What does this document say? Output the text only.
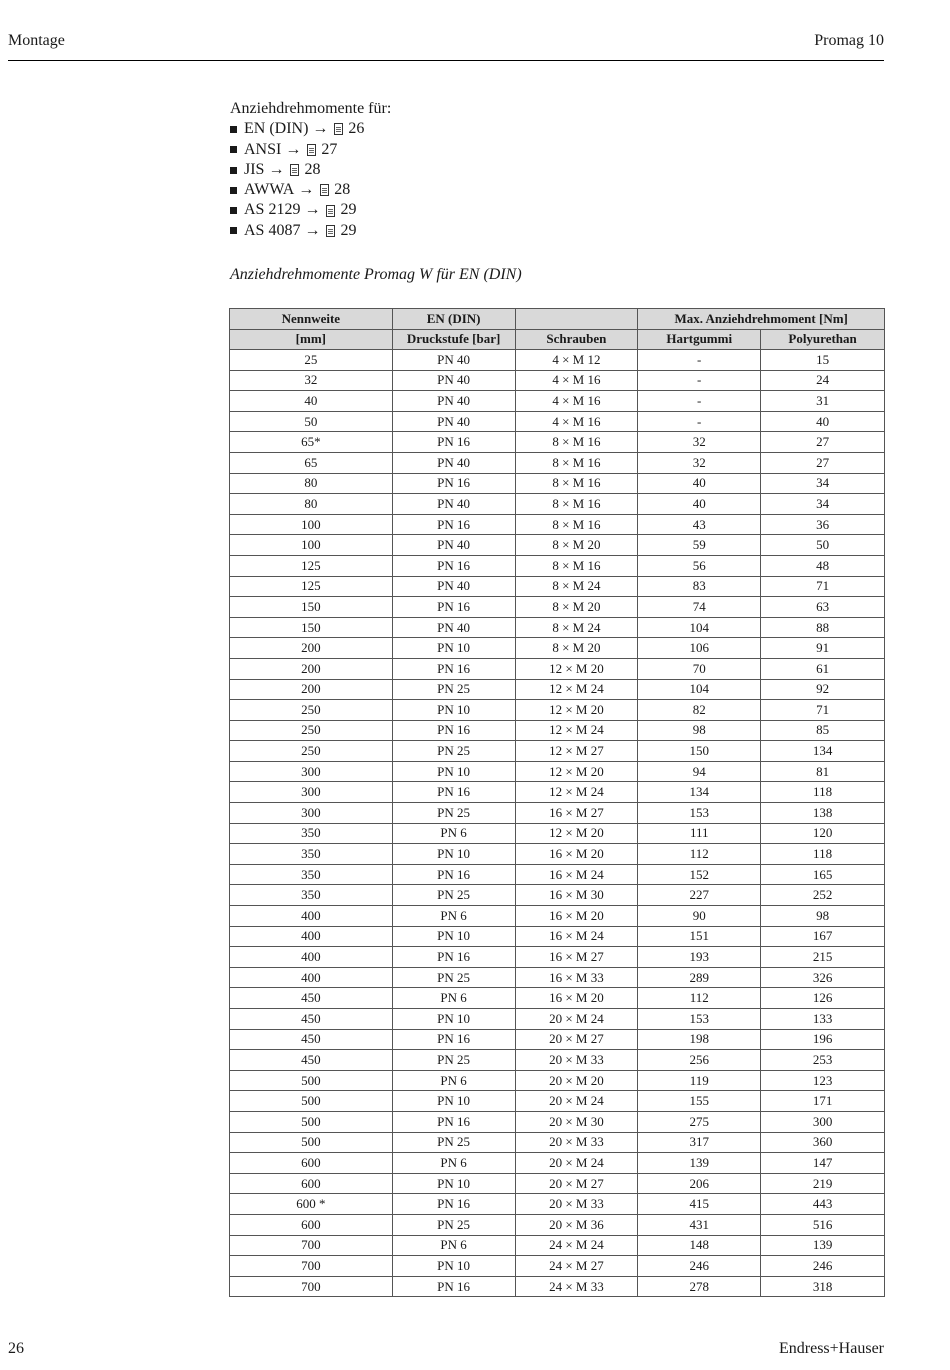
Montage	Promag 10
Anziehdrehmomente für:
EN (DIN) → 26
ANSI → 27
JIS → 28
AWWA → 28
AS 2129 → 29
AS 4087 → 29
Anziehdrehmomente Promag W für EN (DIN)
Nennweite	EN (DIN)		Max. Anziehdrehmoment [Nm]	
[mm]	Druckstufe [bar]	Schrauben	Hartgummi	Polyurethan
25	PN 40	4 × M 12	-	15
32	PN 40	4 × M 16	-	24
40	PN 40	4 × M 16	-	31
50	PN 40	4 × M 16	-	40
65*	PN 16	8 × M 16	32	27
65	PN 40	8 × M 16	32	27
80	PN 16	8 × M 16	40	34
80	PN 40	8 × M 16	40	34
100	PN 16	8 × M 16	43	36
100	PN 40	8 × M 20	59	50
125	PN 16	8 × M 16	56	48
125	PN 40	8 × M 24	83	71
150	PN 16	8 × M 20	74	63
150	PN 40	8 × M 24	104	88
200	PN 10	8 × M 20	106	91
200	PN 16	12 × M 20	70	61
200	PN 25	12 × M 24	104	92
250	PN 10	12 × M 20	82	71
250	PN 16	12 × M 24	98	85
250	PN 25	12 × M 27	150	134
300	PN 10	12 × M 20	94	81
300	PN 16	12 × M 24	134	118
300	PN 25	16 × M 27	153	138
350	PN 6	12 × M 20	111	120
350	PN 10	16 × M 20	112	118
350	PN 16	16 × M 24	152	165
350	PN 25	16 × M 30	227	252
400	PN 6	16 × M 20	90	98
400	PN 10	16 × M 24	151	167
400	PN 16	16 × M 27	193	215
400	PN 25	16 × M 33	289	326
450	PN 6	16 × M 20	112	126
450	PN 10	20 × M 24	153	133
450	PN 16	20 × M 27	198	196
450	PN 25	20 × M 33	256	253
500	PN 6	20 × M 20	119	123
500	PN 10	20 × M 24	155	171
500	PN 16	20 × M 30	275	300
500	PN 25	20 × M 33	317	360
600	PN 6	20 × M 24	139	147
600	PN 10	20 × M 27	206	219
600 *	PN 16	20 × M 33	415	443
600	PN 25	20 × M 36	431	516
700	PN 6	24 × M 24	148	139
700	PN 10	24 × M 27	246	246
700	PN 16	24 × M 33	278	318
26	Endress+Hauser
